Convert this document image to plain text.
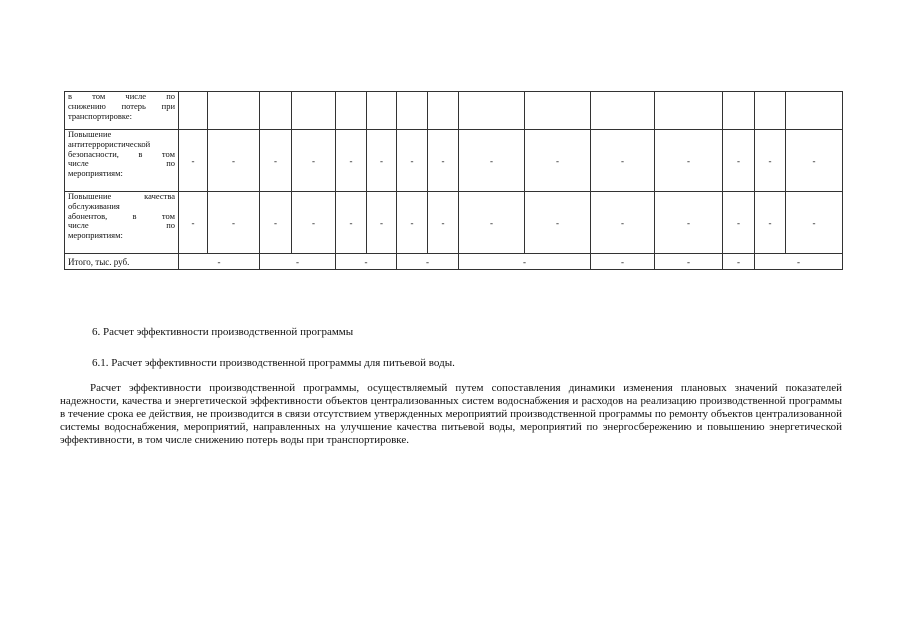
в том числе по
снижению потерь при
транспортировке:															

Повышение
антитеррористической
безопасности, в том
числе по
мероприятиям:	-	-	-	-	-	-	-	-	-	-	-	-	-	-	-

Повышение качества
обслуживания
абонентов, в том
числе по
мероприятиям:	-	-	-	-	-	-	-	-	-	-	-	-	-	-	-
Итого, тыс. руб.	-		-		-		-		-		-	-	-	-	

6. Расчет эффективности производственной программы

6.1. Расчет эффективности производственной программы для питьевой воды.

Расчет эффективности производственной программы, осуществляемый путем сопоставления динамики изменения плановых значений показателей надежности, качества и энергетической эффективности объектов централизованных систем водоснабжения и расходов на реализацию производственной программы в течение срока ее действия, не производится в связи отсутствием утвержденных мероприятий производственной программы по ремонту объектов централизованной системы водоснабжения, мероприятий, направленных на улучшение качества питьевой воды, мероприятий по энергосбережению и повышению энергетической эффективности, в том числе снижению потерь воды при транспортировке.
